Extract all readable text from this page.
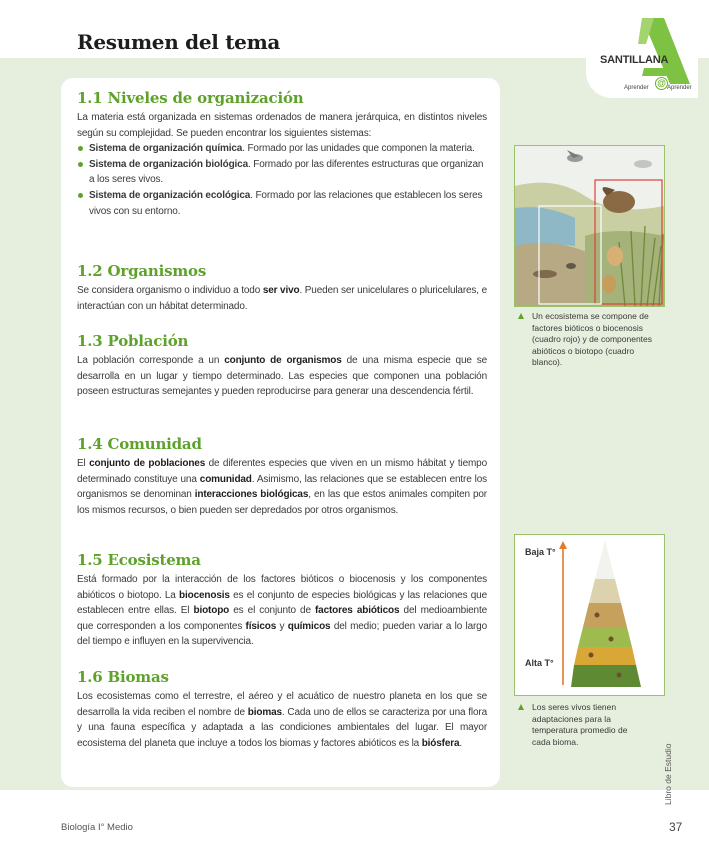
Resumen del tema
SANTILLANA
Aprender @ Aprender
1.1 Niveles de organización

La materia está organizada en sistemas ordenados de manera jerárquica, en distintos niveles según su complejidad. Se pueden encontrar los siguientes sistemas:

Sistema de organización química. Formado por las unidades que componen la materia.
Sistema de organización biológica. Formado por las diferentes estructuras que organizan a los seres vivos.
Sistema de organización ecológica. Formado por las relaciones que establecen los seres vivos con su entorno.
1.2 Organismos

Se considera organismo o individuo a todo ser vivo. Pueden ser unicelulares o pluricelulares, e interactúan con un hábitat determinado.

1.3 Población

La población corresponde a un conjunto de organismos de una misma especie que se desarrolla en un lugar y tiempo determinado. Las especies que componen una población poseen estructuras semejantes y pueden reproducirse para generar una descendencia fértil.

1.4 Comunidad

El conjunto de poblaciones de diferentes especies que viven en un mismo hábitat y tiempo determinado constituye una comunidad. Asimismo, las relaciones que se establecen entre los organismos se denominan interacciones biológicas, en las que estos animales compiten por los mismos recursos, o bien pueden ser depredados por otros organismos.

1.5 Ecosistema

Está formado por la interacción de los factores bióticos o biocenosis y los componentes abióticos o biotopo. La biocenosis es el conjunto de especies biológicas y las relaciones que establecen entre ellas. El biotopo es el conjunto de factores abióticos del medioambiente que corresponden a los componentes físicos y químicos del medio; pueden variar a lo largo del tiempo e influyen en la supervivencia.

1.6 Biomas

Los ecosistemas como el terrestre, el aéreo y el acuático de nuestro planeta en los que se desarrolla la vida reciben el nombre de biomas. Cada uno de ellos se caracteriza por una flora y una fauna específica y adaptada a las condiciones ambientales del lugar. El mayor ecosistema del planeta que incluye a todos los biomas y factores abióticos es la biósfera.

Un ecosistema se compone de factores bióticos o biocenosis (cuadro rojo) y de componentes abióticos o biotopo (cuadro blanco).

Baja T°
Alta T°

Los seres vivos tienen adaptaciones para la temperatura promedio de cada bioma.

Biología I° Medio	37
Libro de Estudio
